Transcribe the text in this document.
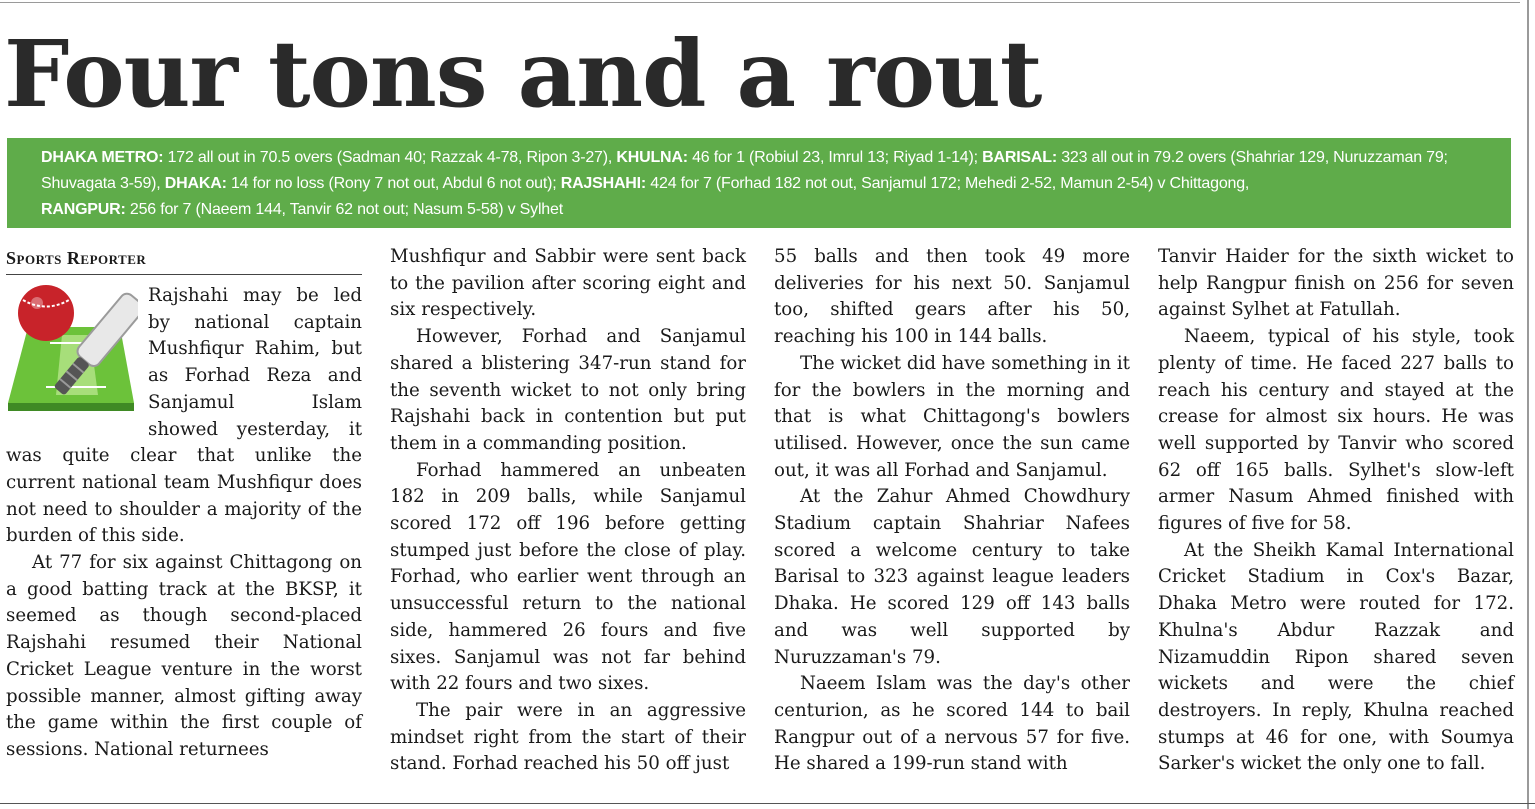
Four tons and a rout
DHAKA METRO: 172 all out in 70.5 overs (Sadman 40; Razzak 4-78, Ripon 3-27), KHULNA: 46 for 1 (Robiul 23, Imrul 13; Riyad 1-14); BARISAL: 323 all out in 79.2 overs (Shahriar 129, Nuruzzaman 79;
Shuvagata 3-59), DHAKA: 14 for no loss (Rony 7 not out, Abdul 6 not out); RAJSHAHI: 424 for 7 (Forhad 182 not out, Sanjamul 172; Mehedi 2-52, Mamun 2-54) v Chittagong,
RANGPUR: 256 for 7 (Naeem 144, Tanvir 62 not out; Nasum 5-58) v Sylhet
Sports Reporter

Rajshahi may be led by national captain Mushfiqur Rahim, but as Forhad Reza and Sanjamul Islam showed yesterday, it was quite clear that unlike the current national team Mushfiqur does not need to shoulder a majority of the burden of this side.

At 77 for six against Chittagong on a good batting track at the BKSP, it seemed as though second-placed Rajshahi resumed their National Cricket League venture in the worst possible manner, almost gifting away the game within the first couple of sessions. National returnees

Mushfiqur and Sabbir were sent back to the pavilion after scoring eight and six respectively.

However, Forhad and Sanjamul shared a blistering 347-run stand for the seventh wicket to not only bring Rajshahi back in contention but put them in a commanding position.

Forhad hammered an unbeaten 182 in 209 balls, while Sanjamul scored 172 off 196 before getting stumped just before the close of play. Forhad, who earlier went through an unsuccessful return to the national side, hammered 26 fours and five sixes. Sanjamul was not far behind with 22 fours and two sixes.

The pair were in an aggressive mindset right from the start of their stand. Forhad reached his 50 off just

55 balls and then took 49 more deliveries for his next 50. Sanjamul too, shifted gears after his 50, reaching his 100 in 144 balls.

The wicket did have something in it for the bowlers in the morning and that is what Chittagong's bowlers utilised. However, once the sun came out, it was all Forhad and Sanjamul.

At the Zahur Ahmed Chowdhury Stadium captain Shahriar Nafees scored a welcome century to take Barisal to 323 against league leaders Dhaka. He scored 129 off 143 balls and was well supported by Nuruzzaman's 79.

Naeem Islam was the day's other centurion, as he scored 144 to bail Rangpur out of a nervous 57 for five. He shared a 199-run stand with

Tanvir Haider for the sixth wicket to help Rangpur finish on 256 for seven against Sylhet at Fatullah.

Naeem, typical of his style, took plenty of time. He faced 227 balls to reach his century and stayed at the crease for almost six hours. He was well supported by Tanvir who scored 62 off 165 balls. Sylhet's slow-left armer Nasum Ahmed finished with figures of five for 58.

At the Sheikh Kamal International Cricket Stadium in Cox's Bazar, Dhaka Metro were routed for 172. Khulna's Abdur Razzak and Nizamuddin Ripon shared seven wickets and were the chief destroyers. In reply, Khulna reached stumps at 46 for one, with Soumya Sarker's wicket the only one to fall.
